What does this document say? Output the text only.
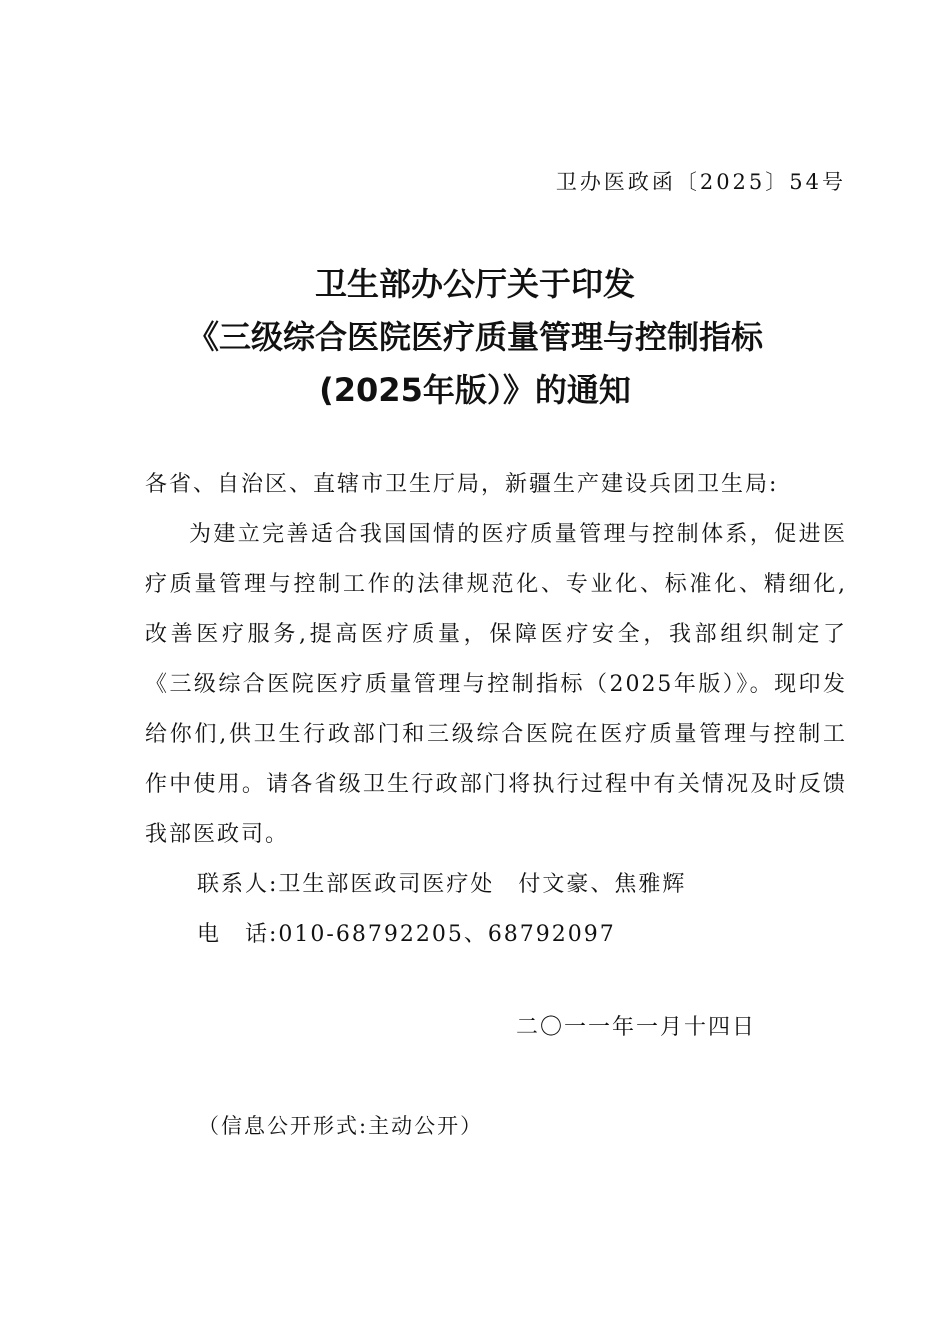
卫办医政函〔2025〕54号
卫生部办公厅关于印发
《三级综合医院医疗质量管理与控制指标
(2025年版）》的通知
各省、自治区、直辖市卫生厅局，新疆生产建设兵团卫生局:
为建立完善适合我国国情的医疗质量管理与控制体系，促进医疗质量管理与控制工作的法律规范化、专业化、标准化、精细化,改善医疗服务,提高医疗质量，保障医疗安全，我部组织制定了《三级综合医院医疗质量管理与控制指标（2025年版）》。现印发给你们,供卫生行政部门和三级综合医院在医疗质量管理与控制工作中使用。请各省级卫生行政部门将执行过程中有关情况及时反馈我部医政司。
联系人:卫生部医政司医疗处　付文豪、焦雅辉
电　话:010-68792205、68792097
二〇一一年一月十四日
（信息公开形式:主动公开）
